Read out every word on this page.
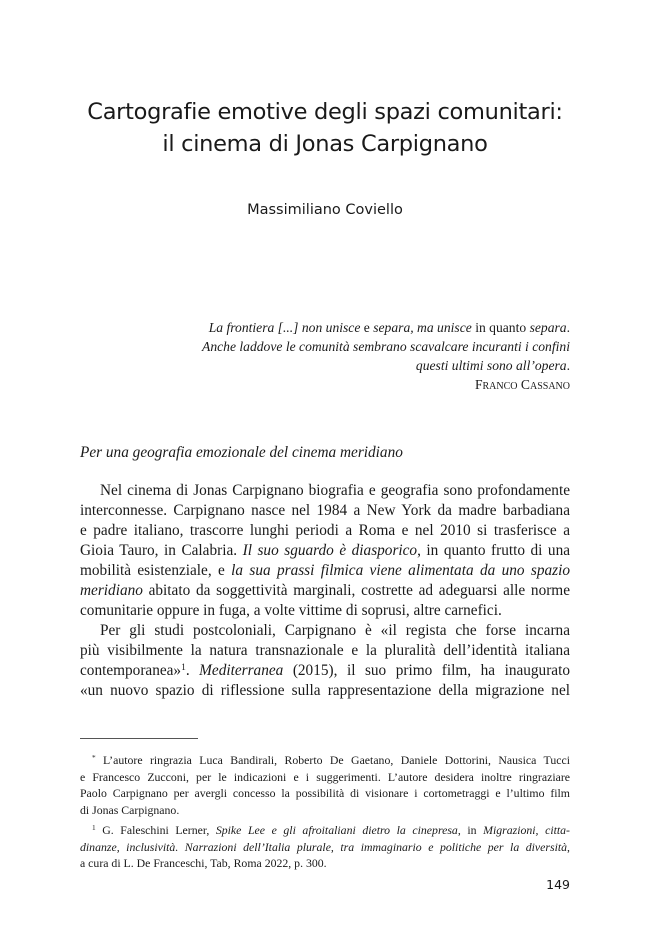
Cartografie emotive degli spazi comunitari:
il cinema di Jonas Carpignano

Massimiliano Coviello

La frontiera [...] non unisce e separa, ma unisce in quanto separa.
Anche laddove le comunità sembrano scavalcare incuranti i confini
questi ultimi sono all’opera.
Franco Cassano
Per una geografia emozionale del cinema meridiano
Nel cinema di Jonas Carpignano biografia e geografia sono profondamente
interconnesse. Carpignano nasce nel 1984 a New York da madre barbadiana
e padre italiano, trascorre lunghi periodi a Roma e nel 2010 si trasferisce a
Gioia Tauro, in Calabria. Il suo sguardo è diasporico, in quanto frutto di una
mobilità esistenziale, e la sua prassi filmica viene alimentata da uno spazio
meridiano abitato da soggettività marginali, costrette ad adeguarsi alle norme
comunitarie oppure in fuga, a volte vittime di soprusi, altre carnefici.
Per gli studi postcoloniali, Carpignano è «il regista che forse incarna
più visibilmente la natura transnazionale e la pluralità dell’identità italiana
contemporanea»$^1$. Mediterranea (2015), il suo primo film, ha inaugurato
«un nuovo spazio di riflessione sulla rappresentazione della migrazione nel
* L’autore ringrazia Luca Bandirali, Roberto De Gaetano, Daniele Dottorini, Nausica Tucci
e Francesco Zucconi, per le indicazioni e i suggerimenti. L’autore desidera inoltre ringraziare
Paolo Carpignano per avergli concesso la possibilità di visionare i cortometraggi e l’ultimo film
di Jonas Carpignano.
$^1$ G. Faleschini Lerner, Spike Lee e gli afroitaliani dietro la cinepresa, in Migrazioni, citta-
dinanze, inclusività. Narrazioni dell’Italia plurale, tra immaginario e politiche per la diversità,
a cura di L. De Franceschi, Tab, Roma 2022, p. 300.
149
